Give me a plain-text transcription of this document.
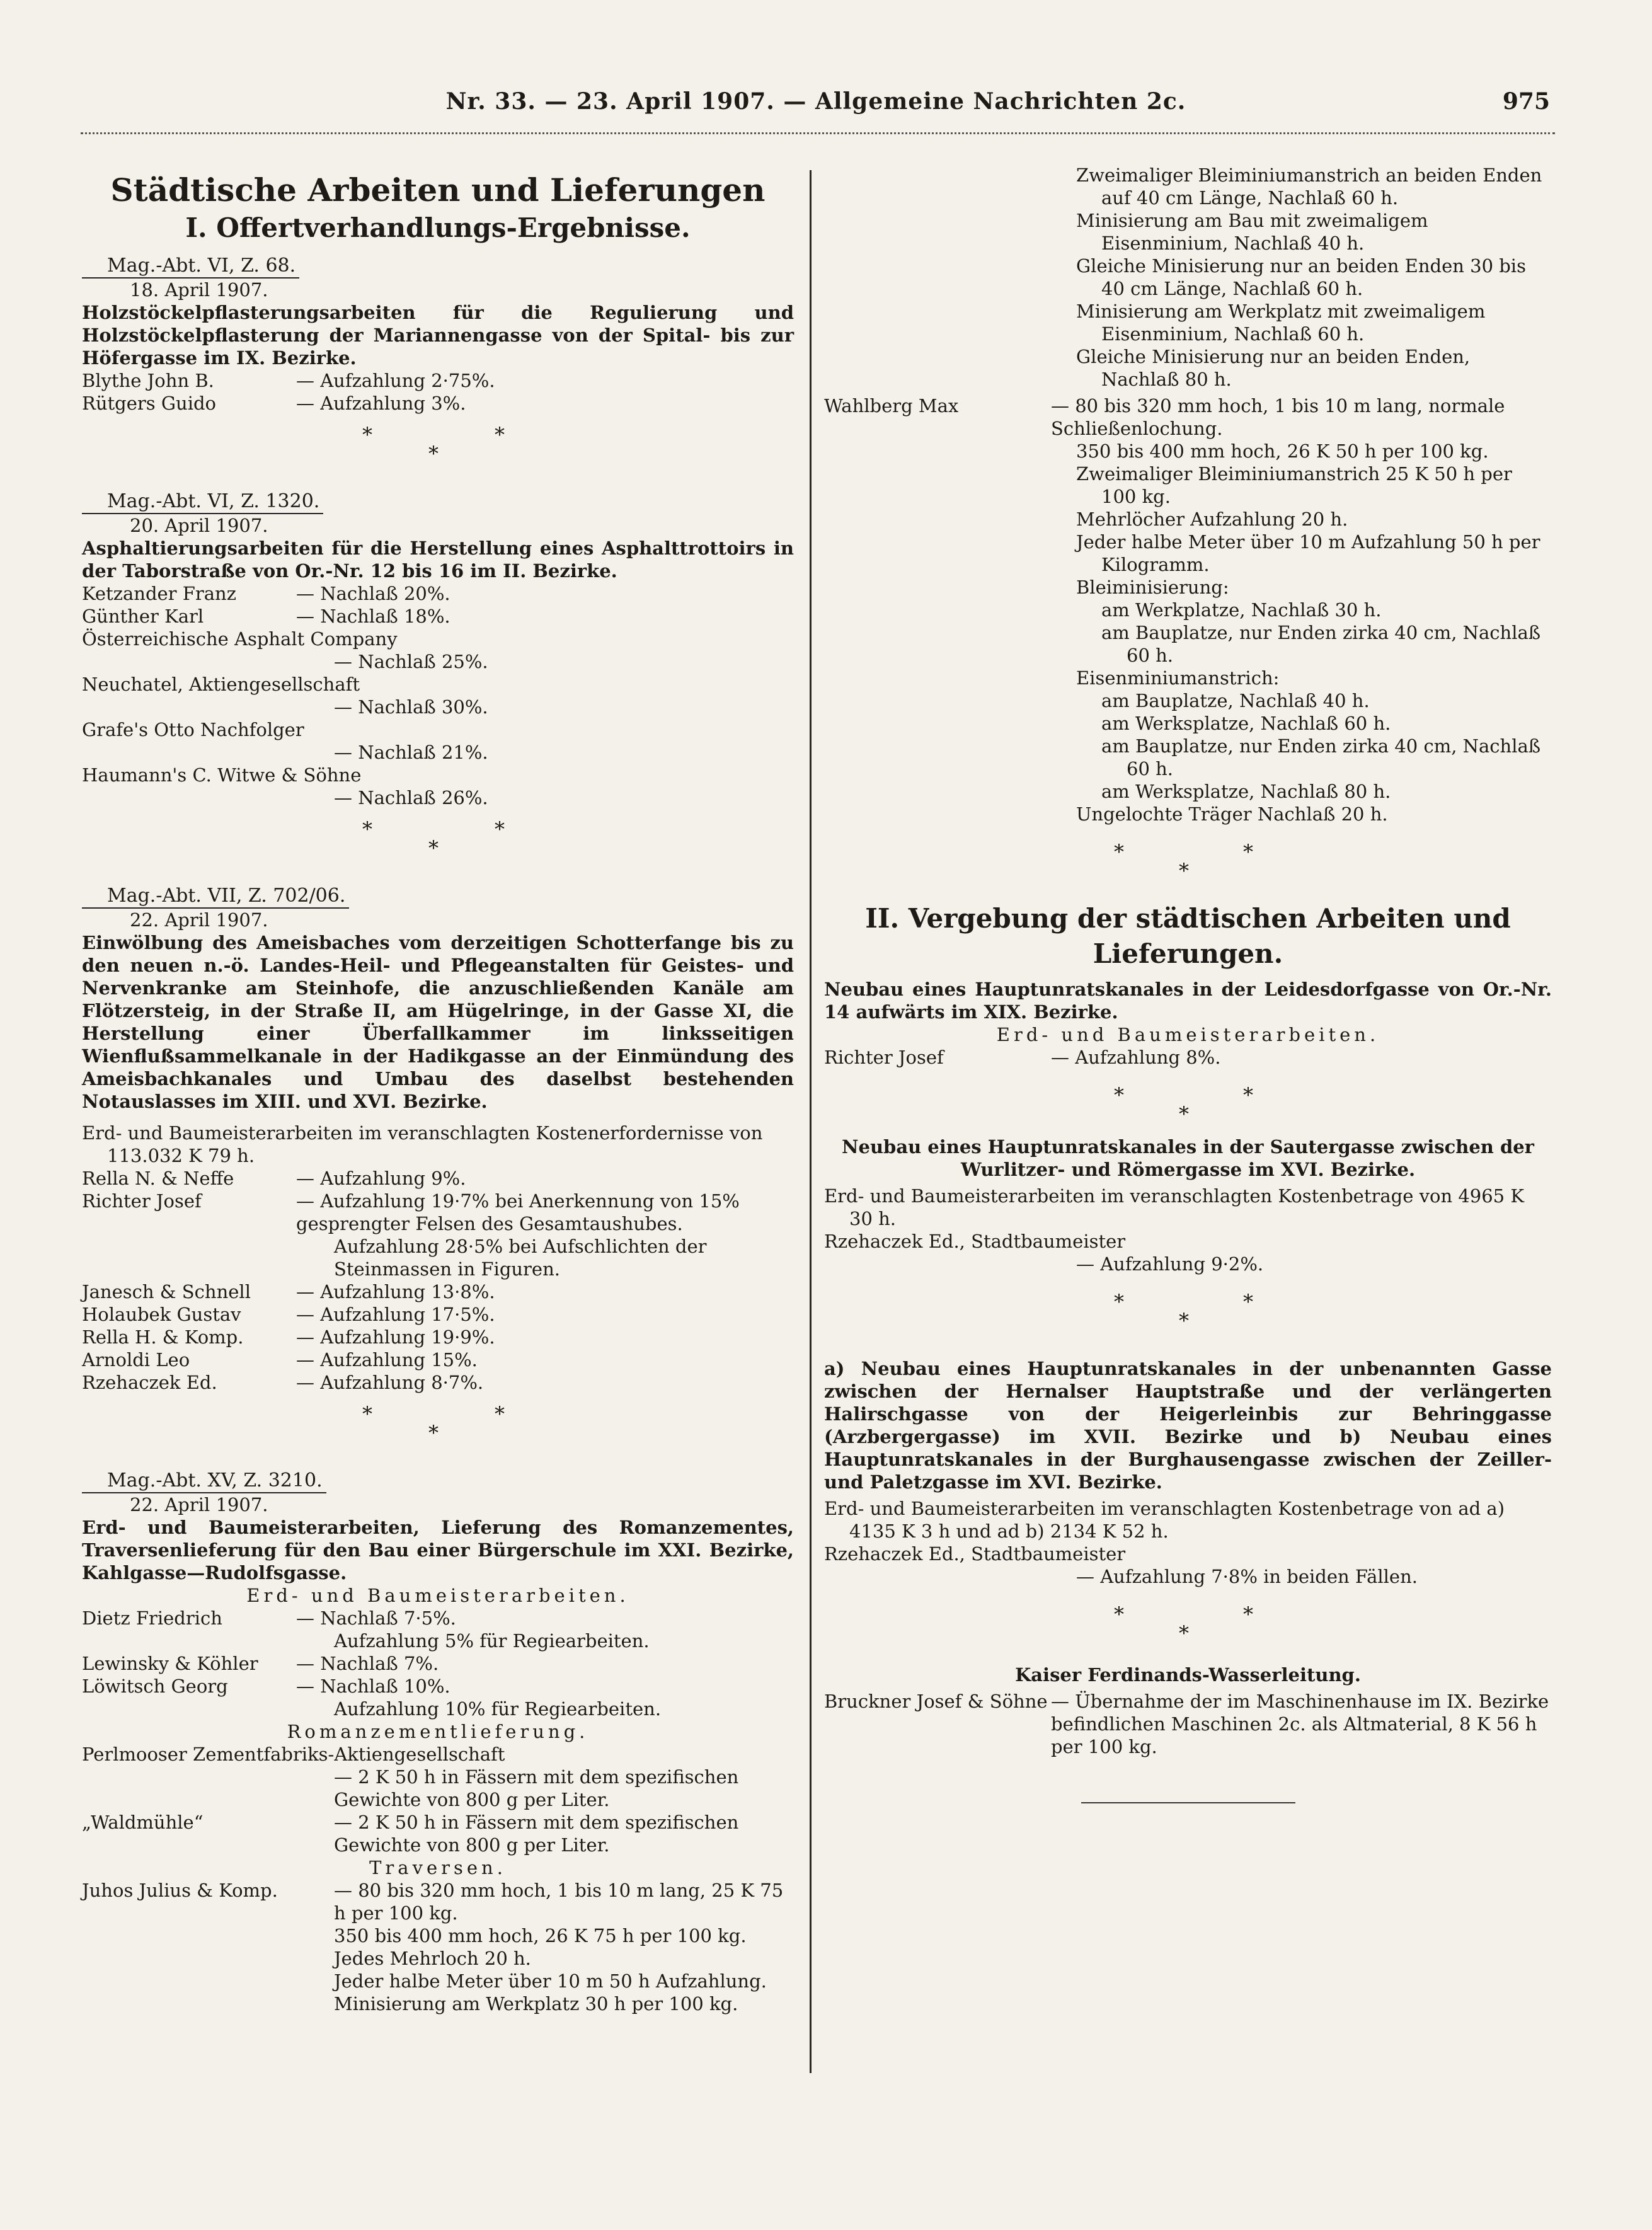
Nr. 33. — 23. April 1907. — Allgemeine Nachrichten 2c.	975
Städtische Arbeiten und Lieferungen
I. Offertverhandlungs-Ergebnisse.
Mag.-Abt. VI, Z. 68.
18. April 1907.
Holzstöckelpflasterungsarbeiten für die Regulierung und Holzstöckelpflasterung der Mariannengasse von der Spital- bis zur Höfergasse im IX. Bezirke.
Blythe John B.	— Aufzahlung 2·75%.
Rütgers Guido	— Aufzahlung 3%.
*	*
*
Mag.-Abt. VI, Z. 1320.
20. April 1907.
Asphaltierungsarbeiten für die Herstellung eines Asphalttrottoirs in der Taborstraße von Or.-Nr. 12 bis 16 im II. Bezirke.
Ketzander Franz	— Nachlaß 20%.
Günther Karl	— Nachlaß 18%.
Österreichische Asphalt Company
— Nachlaß 25%.
Neuchatel, Aktiengesellschaft
— Nachlaß 30%.
Grafe's Otto Nachfolger
— Nachlaß 21%.
Haumann's C. Witwe & Söhne
— Nachlaß 26%.
*	*
*
Mag.-Abt. VII, Z. 702/06.
22. April 1907.
Einwölbung des Ameisbaches vom derzeitigen Schotterfange bis zu den neuen n.-ö. Landes-Heil- und Pflegeanstalten für Geistes- und Nervenkranke am Steinhofe, die anzuschließenden Kanäle am Flötzersteig, in der Straße II, am Hügelringe, in der Gasse XI, die Herstellung einer Überfallkammer im linksseitigen Wienflußsammelkanale in der Hadikgasse an der Einmündung des Ameisbachkanales und Umbau des daselbst bestehenden Notauslasses im XIII. und XVI. Bezirke.
Erd- und Baumeisterarbeiten im veranschlagten Kostenerfordernisse von 113.032 K 79 h.
Rella N. & Neffe	— Aufzahlung 9%.
Richter Josef	— Aufzahlung 19·7% bei Anerkennung von 15% gesprengter Felsen des Gesamtaushubes.
Aufzahlung 28·5% bei Aufschlichten der Steinmassen in Figuren.
Janesch & Schnell	— Aufzahlung 13·8%.
Holaubek Gustav	— Aufzahlung 17·5%.
Rella H. & Komp.	— Aufzahlung 19·9%.
Arnoldi Leo	— Aufzahlung 15%.
Rzehaczek Ed.	— Aufzahlung 8·7%.
*	*
*
Mag.-Abt. XV, Z. 3210.
22. April 1907.
Erd- und Baumeisterarbeiten, Lieferung des Romanzementes, Traversenlieferung für den Bau einer Bürgerschule im XXI. Bezirke, Kahlgasse—Rudolfsgasse.
Erd- und Baumeisterarbeiten.
Dietz Friedrich	— Nachlaß 7·5%.
Aufzahlung 5% für Regiearbeiten.
Lewinsky & Köhler	— Nachlaß 7%.
Löwitsch Georg	— Nachlaß 10%.
Aufzahlung 10% für Regiearbeiten.
Romanzementlieferung.
Perlmooser Zementfabriks-Aktiengesellschaft
— 2 K 50 h in Fässern mit dem spezifischen Gewichte von 800 g per Liter.
„Waldmühle“	— 2 K 50 h in Fässern mit dem spezifischen Gewichte von 800 g per Liter.
Traversen.
Juhos Julius & Komp.	— 80 bis 320 mm hoch, 1 bis 10 m lang, 25 K 75 h per 100 kg.
350 bis 400 mm hoch, 26 K 75 h per 100 kg.
Jedes Mehrloch 20 h.
Jeder halbe Meter über 10 m 50 h Aufzahlung.
Minisierung am Werkplatz 30 h per 100 kg.
Zweimaliger Bleiminiumanstrich an beiden Enden auf 40 cm Länge, Nachlaß 60 h.
Minisierung am Bau mit zweimaligem Eisenminium, Nachlaß 40 h.
Gleiche Minisierung nur an beiden Enden 30 bis 40 cm Länge, Nachlaß 60 h.
Minisierung am Werkplatz mit zweimaligem Eisenminium, Nachlaß 60 h.
Gleiche Minisierung nur an beiden Enden, Nachlaß 80 h.
Wahlberg Max	— 80 bis 320 mm hoch, 1 bis 10 m lang, normale Schließenlochung.
350 bis 400 mm hoch, 26 K 50 h per 100 kg.
Zweimaliger Bleiminiumanstrich 25 K 50 h per 100 kg.
Mehrlöcher Aufzahlung 20 h.
Jeder halbe Meter über 10 m Aufzahlung 50 h per Kilogramm.
Bleiminisierung:
am Werkplatze, Nachlaß 30 h.
am Bauplatze, nur Enden zirka 40 cm, Nachlaß 60 h.
Eisenminiumanstrich:
am Bauplatze, Nachlaß 40 h.
am Werksplatze, Nachlaß 60 h.
am Bauplatze, nur Enden zirka 40 cm, Nachlaß 60 h.
am Werksplatze, Nachlaß 80 h.
Ungelochte Träger Nachlaß 20 h.
*	*
*
II. Vergebung der städtischen Arbeiten und Lieferungen.
Neubau eines Hauptunratskanales in der Leidesdorfgasse von Or.-Nr. 14 aufwärts im XIX. Bezirke.
Erd- und Baumeisterarbeiten.
Richter Josef	— Aufzahlung 8%.
*	*
*
Neubau eines Hauptunratskanales in der Sautergasse zwischen der Wurlitzer- und Römergasse im XVI. Bezirke.
Erd- und Baumeisterarbeiten im veranschlagten Kostenbetrage von 4965 K 30 h.
Rzehaczek Ed., Stadtbaumeister
— Aufzahlung 9·2%.
*	*
*
a) Neubau eines Hauptunratskanales in der unbenannten Gasse zwischen der Hernalser Hauptstraße und der verlängerten Halirschgasse von der Heigerleinbis zur Behringgasse (Arzbergergasse) im XVII. Bezirke und b) Neubau eines Hauptunratskanales in der Burghausengasse zwischen der Zeiller- und Paletzgasse im XVI. Bezirke.
Erd- und Baumeisterarbeiten im veranschlagten Kostenbetrage von ad a) 4135 K 3 h und ad b) 2134 K 52 h.
Rzehaczek Ed., Stadtbaumeister
— Aufzahlung 7·8% in beiden Fällen.
*	*
*
Kaiser Ferdinands-Wasserleitung.
Bruckner Josef & Söhne — Übernahme der im Maschinenhause im IX. Bezirke befindlichen Maschinen 2c. als Altmaterial, 8 K 56 h per 100 kg.
